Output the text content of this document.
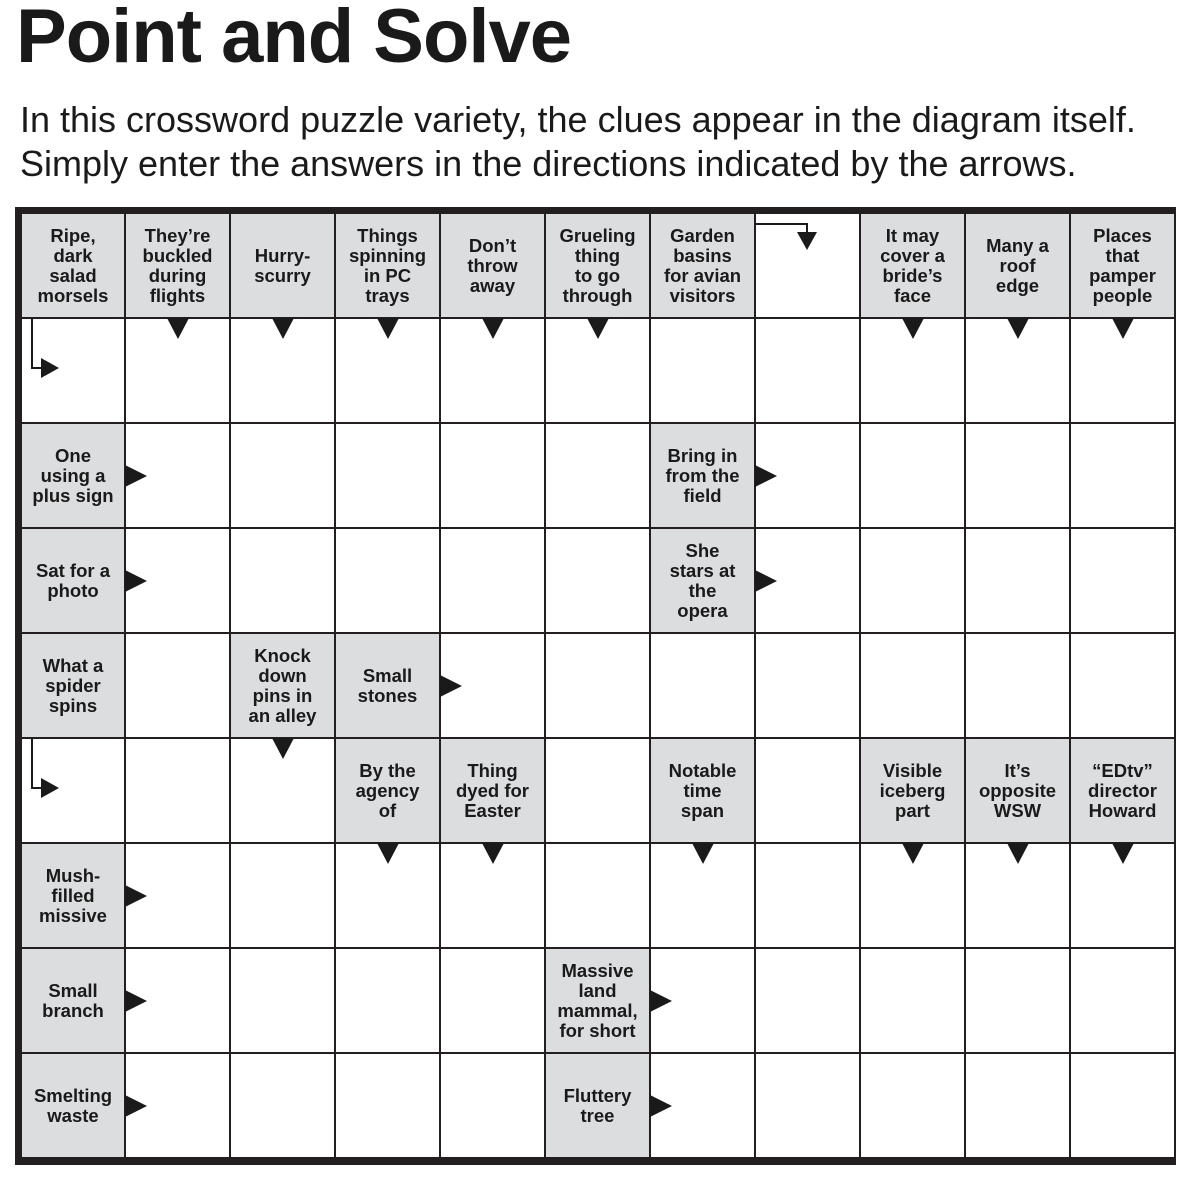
Point and Solve

In this crossword puzzle variety, the clues appear in the diagram itself.
Simply enter the answers in the directions indicated by the arrows.

Ripe,
dark
salad
morsels
They’re
buckled
during
flights
Hurry-
scurry
Things
spinning
in PC
trays
Don’t
throw
away
Grueling
thing
to go
through
Garden
basins
for avian
visitors
It may
cover a
bride’s
face
Many a
roof
edge
Places
that
pamper
people
One
using a
plus sign
Bring in
from the
field
Sat for a
photo
She
stars at
the
opera
What a
spider
spins
Knock
down
pins in
an alley
Small
stones
By the
agency
of
Thing
dyed for
Easter
Notable
time
span
Visible
iceberg
part
It’s
opposite
WSW
“EDtv”
director
Howard
Mush-
filled
missive
Small
branch
Massive
land
mammal,
for short
Smelting
waste
Fluttery
tree
